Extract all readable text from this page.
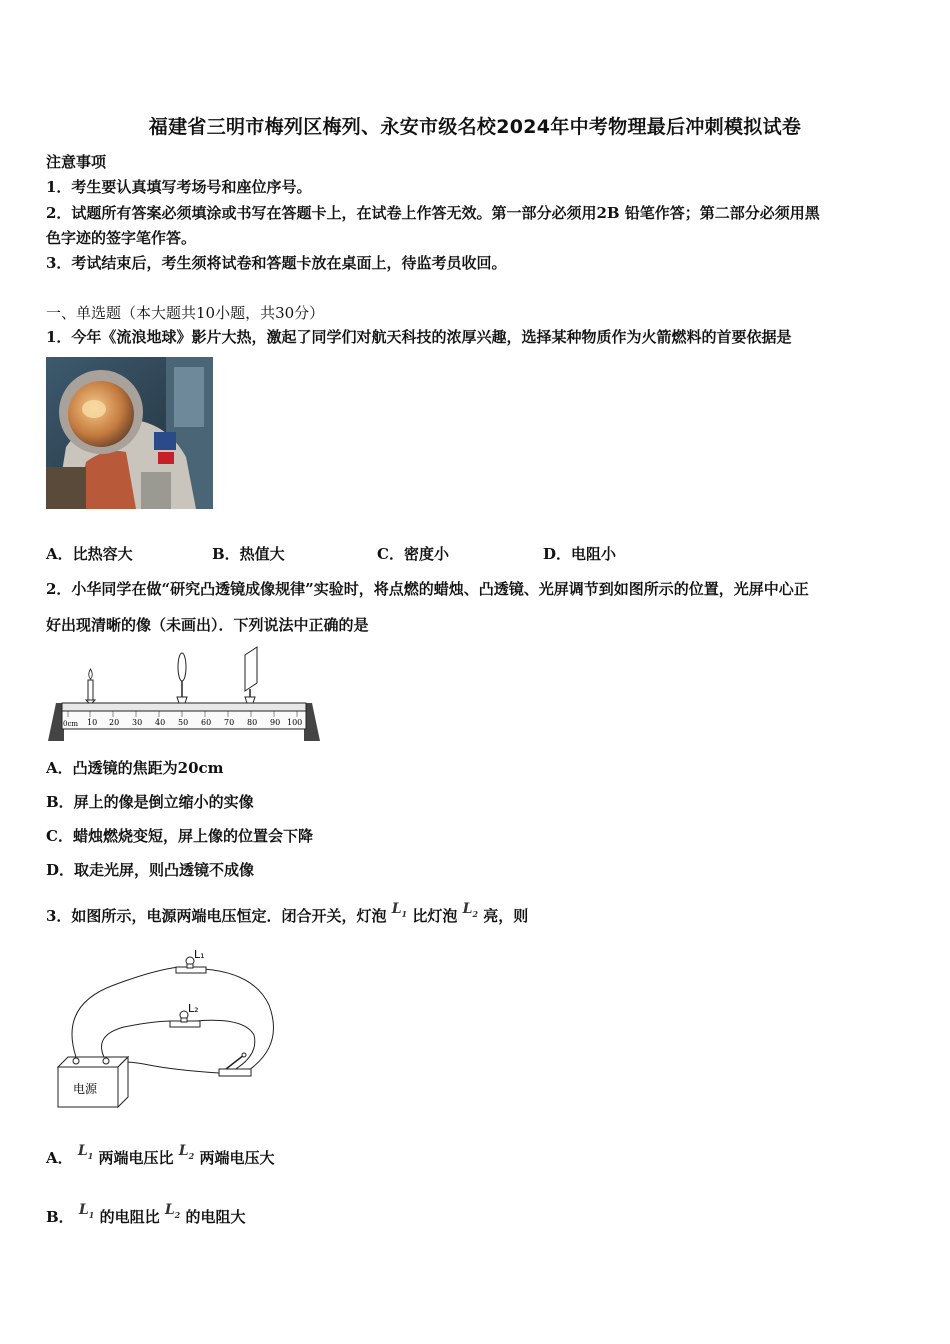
福建省三明市梅列区梅列、永安市级名校2024年中考物理最后冲刺模拟试卷
注意事项
1．考生要认真填写考场号和座位序号。
2．试题所有答案必须填涂或书写在答题卡上，在试卷上作答无效。第一部分必须用2B 铅笔作答；第二部分必须用黑
色字迹的签字笔作答。
3．考试结束后，考生须将试卷和答题卡放在桌面上，待监考员收回。
一、单选题（本大题共10小题，共30分）
1．今年《流浪地球》影片大热，激起了同学们对航天科技的浓厚兴趣，选择某种物质作为火箭燃料的首要依据是
A．比热容大	B．热值大	C．密度小	D．电阻小
2．小华同学在做“研究凸透镜成像规律”实验时，将点燃的蜡烛、凸透镜、光屏调节到如图所示的位置，光屏中心正
好出现清晰的像（未画出）．下列说法中正确的是
0cm 10 20 30 40 50 60 70 80 90 100
A．凸透镜的焦距为20cm
B．屏上的像是倒立缩小的实像
C．蜡烛燃烧变短，屏上像的位置会下降
D．取走光屏，则凸透镜不成像
3．如图所示，电源两端电压恒定．闭合开关，灯泡 $L_1$ 比灯泡 $L_2$ 亮，则
L₁
L₂
电源
A． $L_1$ 两端电压比 $L_2$ 两端电压大
B． $L_1$ 的电阻比 $L_2$ 的电阻大
